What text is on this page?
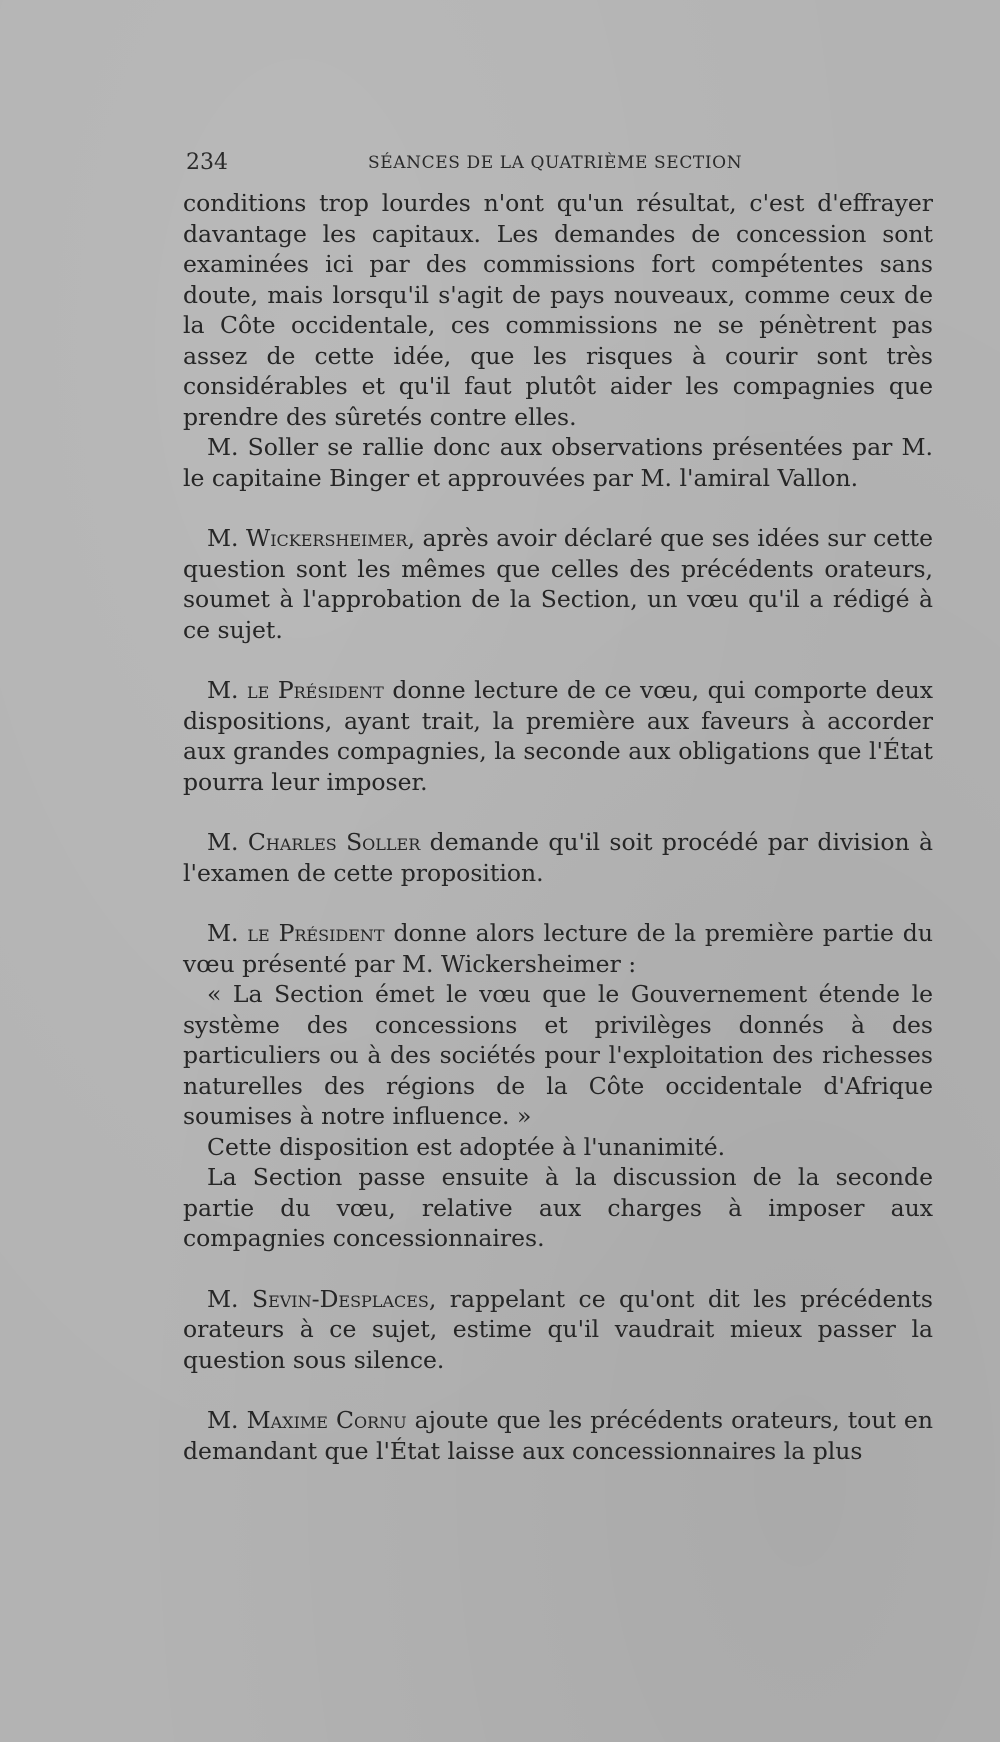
234	SÉANCES DE LA QUATRIÈME SECTION

conditions trop lourdes n'ont qu'un résultat, c'est d'effrayer davantage les capitaux. Les demandes de concession sont examinées ici par des commissions fort compétentes sans doute, mais lorsqu'il s'agit de pays nouveaux, comme ceux de la Côte occidentale, ces commissions ne se pénètrent pas assez de cette idée, que les risques à courir sont très considérables et qu'il faut plutôt aider les compagnies que prendre des sûretés contre elles.

M. Soller se rallie donc aux observations présentées par M. le capitaine Binger et approuvées par M. l'amiral Vallon.

M. Wickersheimer, après avoir déclaré que ses idées sur cette question sont les mêmes que celles des précédents orateurs, soumet à l'approbation de la Section, un vœu qu'il a rédigé à ce sujet.

M. le Président donne lecture de ce vœu, qui comporte deux dispositions, ayant trait, la première aux faveurs à accorder aux grandes compagnies, la seconde aux obligations que l'État pourra leur imposer.

M. Charles Soller demande qu'il soit procédé par division à l'examen de cette proposition.

M. le Président donne alors lecture de la première partie du vœu présenté par M. Wickersheimer :

« La Section émet le vœu que le Gouvernement étende le système des concessions et privilèges donnés à des particuliers ou à des sociétés pour l'exploitation des richesses naturelles des régions de la Côte occidentale d'Afrique soumises à notre influence. »

Cette disposition est adoptée à l'unanimité.

La Section passe ensuite à la discussion de la seconde partie du vœu, relative aux charges à imposer aux compagnies concessionnaires.

M. Sevin-Desplaces, rappelant ce qu'ont dit les précédents orateurs à ce sujet, estime qu'il vaudrait mieux passer la question sous silence.

M. Maxime Cornu ajoute que les précédents orateurs, tout en demandant que l'État laisse aux concessionnaires la plus
